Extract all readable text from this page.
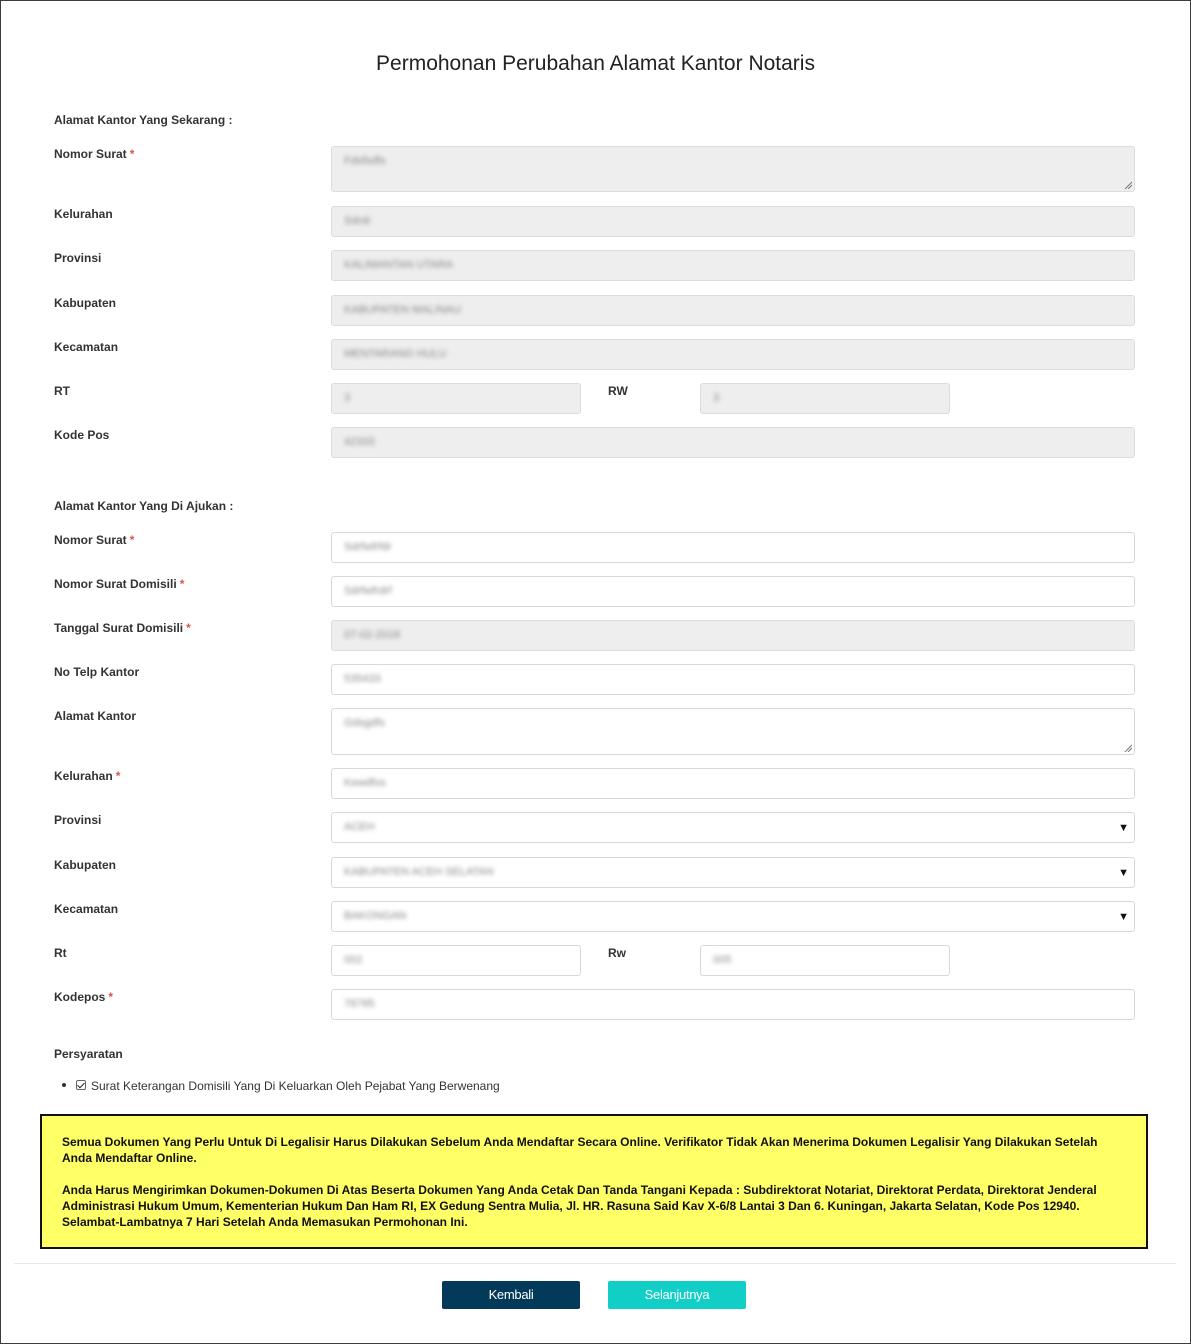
Permohonan Perubahan Alamat Kantor Notaris
Alamat Kantor Yang Sekarang :
Nomor Surat *	Fdsfsdfs
Kelurahan	Sdrdr
Provinsi	KALIMANTAN UTARA
Kabupaten	KABUPATEN MALINAU
Kecamatan	MENTARANG HULU
RT	3	RW	3
Kode Pos	42333
Alamat Kantor Yang Di Ajukan :
Nomor Surat *	Sdrfwfrfdr
Nomor Surat Domisili *	Sdrfwfrdrf
Tanggal Surat Domisili *	07-02-2018
No Telp Kantor	535433
Alamat Kantor	Gdsgdfs
Kelurahan *	Kewdfxs
Provinsi	ACEH	▼
Kabupaten	KABUPATEN ACEH SELATAN	▼
Kecamatan	BAKONGAN	▼
Rt	002	Rw	005
Kodepos *	78785
Persyaratan
Surat Keterangan Domisili Yang Di Keluarkan Oleh Pejabat Yang Berwenang

Semua Dokumen Yang Perlu Untuk Di Legalisir Harus Dilakukan Sebelum Anda Mendaftar Secara Online. Verifikator Tidak Akan Menerima Dokumen Legalisir Yang Dilakukan Setelah Anda Mendaftar Online.

Anda Harus Mengirimkan Dokumen-Dokumen Di Atas Beserta Dokumen Yang Anda Cetak Dan Tanda Tangani Kepada : Subdirektorat Notariat, Direktorat Perdata, Direktorat Jenderal Administrasi Hukum Umum, Kementerian Hukum Dan Ham RI, EX Gedung Sentra Mulia, Jl. HR. Rasuna Said Kav X-6/8 Lantai 3 Dan 6. Kuningan, Jakarta Selatan, Kode Pos 12940. Selambat-Lambatnya 7 Hari Setelah Anda Memasukan Permohonan Ini.

Kembali	Selanjutnya
